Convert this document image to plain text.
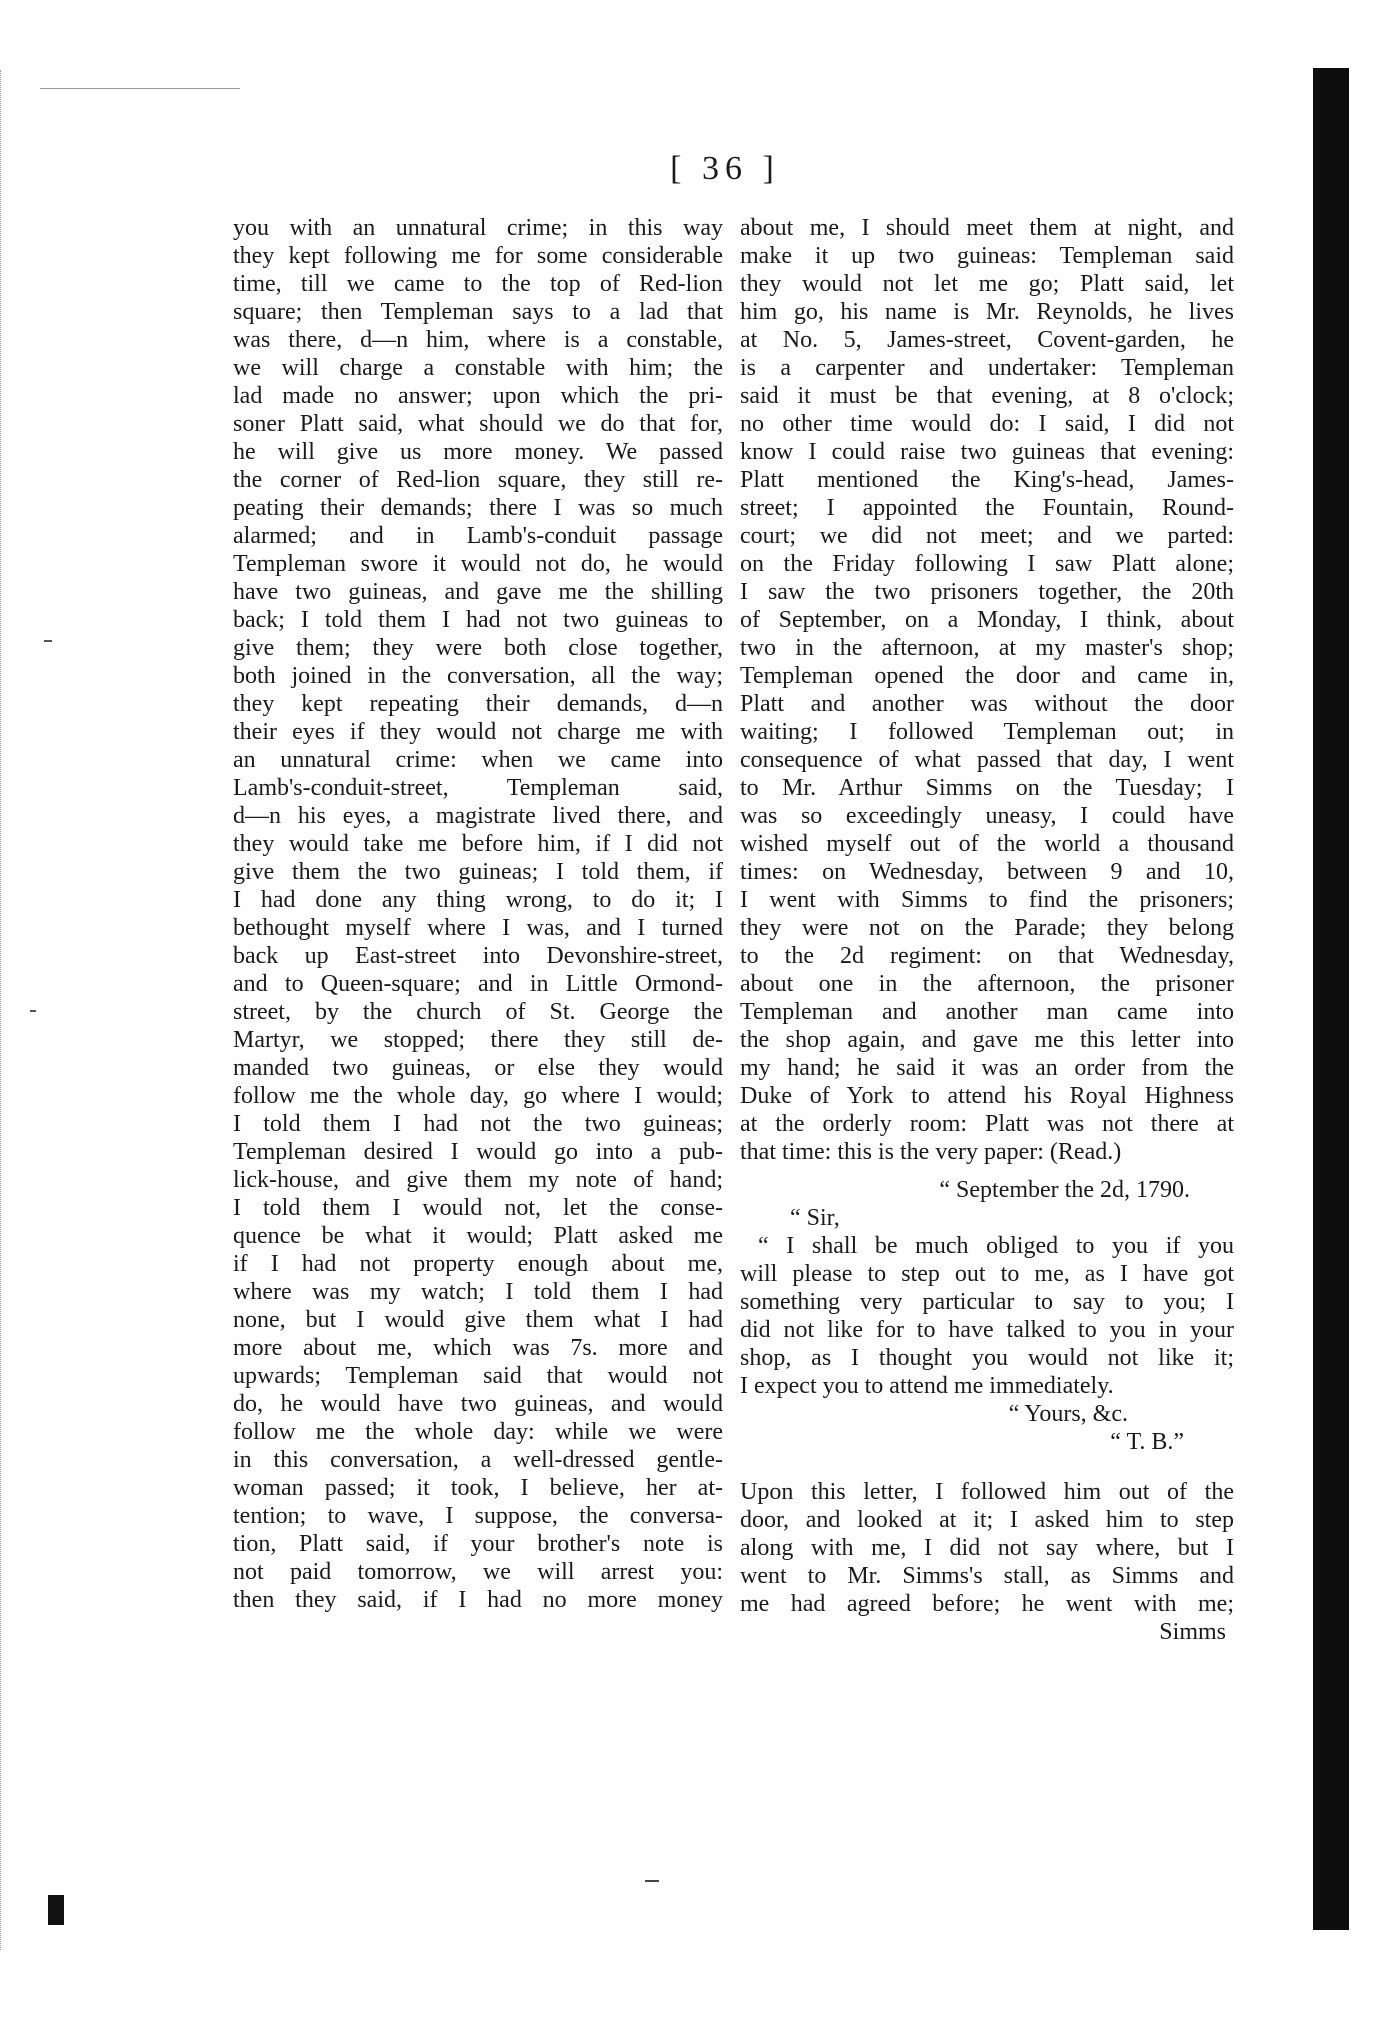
[ 36 ]
you with an unnatural crime; in this way
they kept following me for some considerable
time, till we came to the top of Red-lion
square; then Templeman says to a lad that
was there, d—n him, where is a constable,
we will charge a constable with him; the
lad made no answer; upon which the pri-
soner Platt said, what should we do that for,
he will give us more money. We passed
the corner of Red-lion square, they still re-
peating their demands; there I was so much
alarmed; and in Lamb's-conduit passage
Templeman swore it would not do, he would
have two guineas, and gave me the shilling
back; I told them I had not two guineas to
give them; they were both close together,
both joined in the conversation, all the way;
they kept repeating their demands, d—n
their eyes if they would not charge me with
an unnatural crime: when we came into
Lamb's-conduit-street, Templeman said,
d—n his eyes, a magistrate lived there, and
they would take me before him, if I did not
give them the two guineas; I told them, if
I had done any thing wrong, to do it; I
bethought myself where I was, and I turned
back up East-street into Devonshire-street,
and to Queen-square; and in Little Ormond-
street, by the church of St. George the
Martyr, we stopped; there they still de-
manded two guineas, or else they would
follow me the whole day, go where I would;
I told them I had not the two guineas;
Templeman desired I would go into a pub-
lick-house, and give them my note of hand;
I told them I would not, let the conse-
quence be what it would; Platt asked me
if I had not property enough about me,
where was my watch; I told them I had
none, but I would give them what I had
more about me, which was 7s. more and
upwards; Templeman said that would not
do, he would have two guineas, and would
follow me the whole day: while we were
in this conversation, a well-dressed gentle-
woman passed; it took, I believe, her at-
tention; to wave, I suppose, the conversa-
tion, Platt said, if your brother's note is
not paid tomorrow, we will arrest you:
then they said, if I had no more money
about me, I should meet them at night, and
make it up two guineas: Templeman said
they would not let me go; Platt said, let
him go, his name is Mr. Reynolds, he lives
at No. 5, James-street, Covent-garden, he
is a carpenter and undertaker: Templeman
said it must be that evening, at 8 o'clock;
no other time would do: I said, I did not
know I could raise two guineas that evening:
Platt mentioned the King's-head, James-
street; I appointed the Fountain, Round-
court; we did not meet; and we parted:
on the Friday following I saw Platt alone;
I saw the two prisoners together, the 20th
of September, on a Monday, I think, about
two in the afternoon, at my master's shop;
Templeman opened the door and came in,
Platt and another was without the door
waiting; I followed Templeman out; in
consequence of what passed that day, I went
to Mr. Arthur Simms on the Tuesday; I
was so exceedingly uneasy, I could have
wished myself out of the world a thousand
times: on Wednesday, between 9 and 10,
I went with Simms to find the prisoners;
they were not on the Parade; they belong
to the 2d regiment: on that Wednesday,
about one in the afternoon, the prisoner
Templeman and another man came into
the shop again, and gave me this letter into
my hand; he said it was an order from the
Duke of York to attend his Royal Highness
at the orderly room: Platt was not there at
that time: this is the very paper: (Read.)
“ September the 2d, 1790.
“ Sir,
“ I shall be much obliged to you if you
will please to step out to me, as I have got
something very particular to say to you; I
did not like for to have talked to you in your
shop, as I thought you would not like it;
I expect you to attend me immediately.
“ Yours, &c.
“ T. B.”
Upon this letter, I followed him out of the
door, and looked at it; I asked him to step
along with me, I did not say where, but I
went to Mr. Simms's stall, as Simms and
me had agreed before; he went with me;
Simms
